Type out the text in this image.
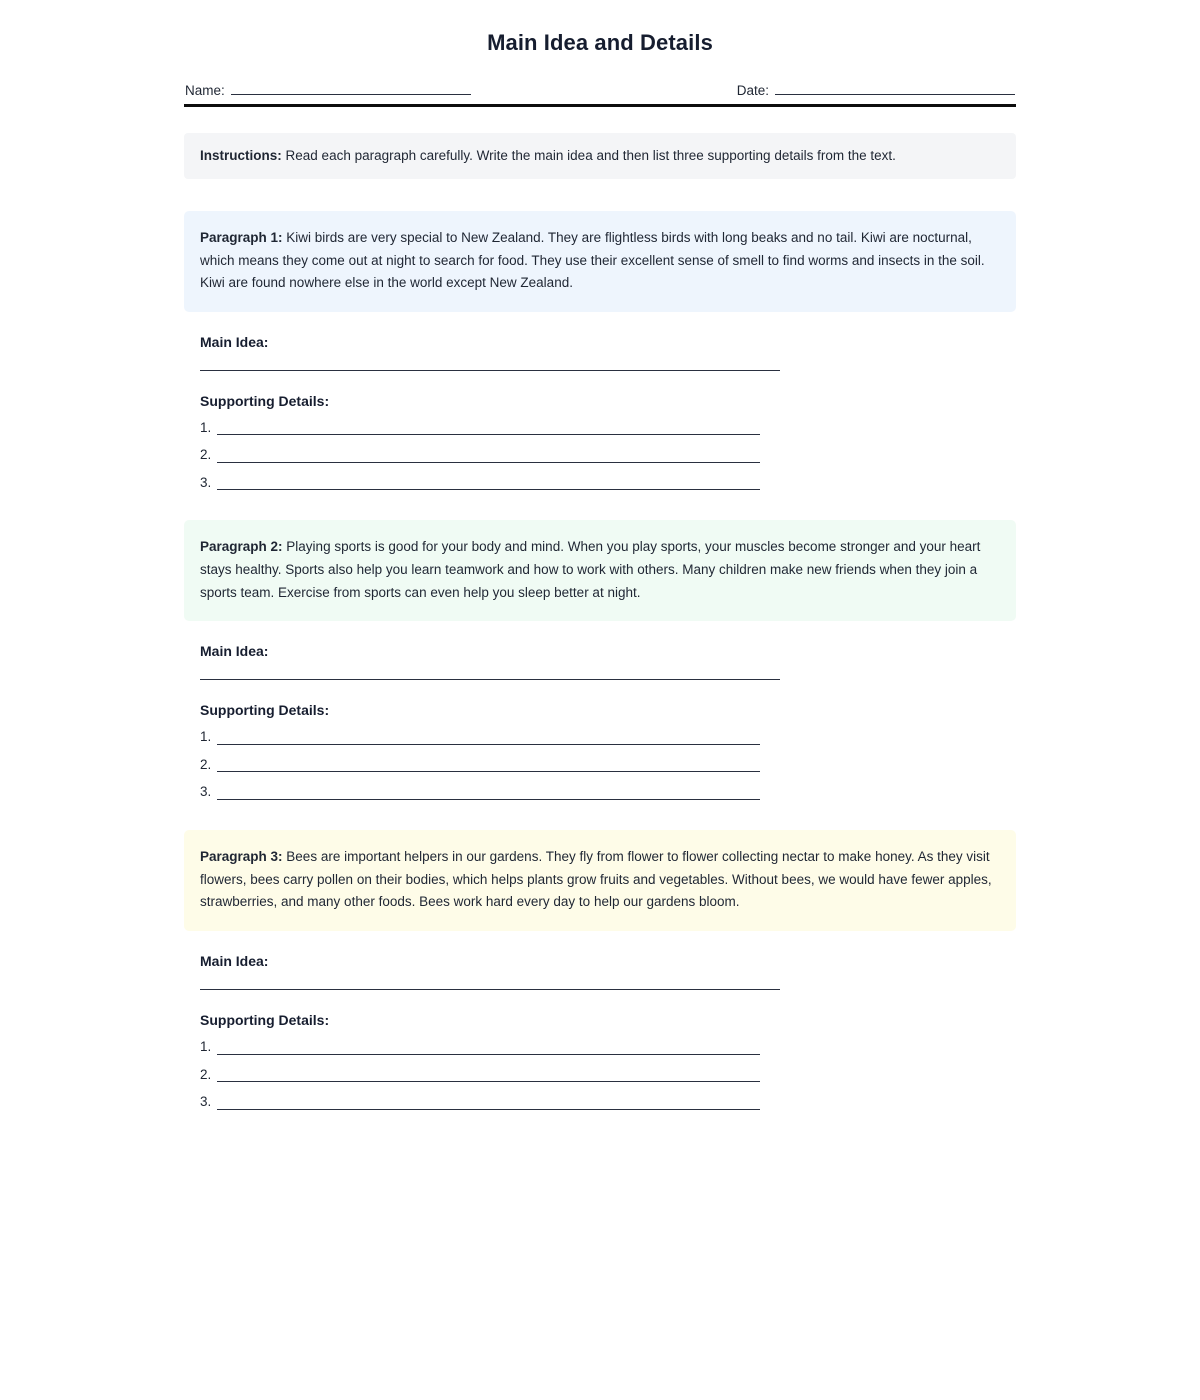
Main Idea and Details
Name:	Date:
Instructions: Read each paragraph carefully. Write the main idea and then list three supporting details from the text.
Paragraph 1: Kiwi birds are very special to New Zealand. They are flightless birds with long beaks and no tail. Kiwi are nocturnal, which means they come out at night to search for food. They use their excellent sense of smell to find worms and insects in the soil. Kiwi are found nowhere else in the world except New Zealand.
Main Idea:
Supporting Details:
1.
2.
3.
Paragraph 2: Playing sports is good for your body and mind. When you play sports, your muscles become stronger and your heart stays healthy. Sports also help you learn teamwork and how to work with others. Many children make new friends when they join a sports team. Exercise from sports can even help you sleep better at night.
Main Idea:
Supporting Details:
1.
2.
3.
Paragraph 3: Bees are important helpers in our gardens. They fly from flower to flower collecting nectar to make honey. As they visit flowers, bees carry pollen on their bodies, which helps plants grow fruits and vegetables. Without bees, we would have fewer apples, strawberries, and many other foods. Bees work hard every day to help our gardens bloom.
Main Idea:
Supporting Details:
1.
2.
3.
